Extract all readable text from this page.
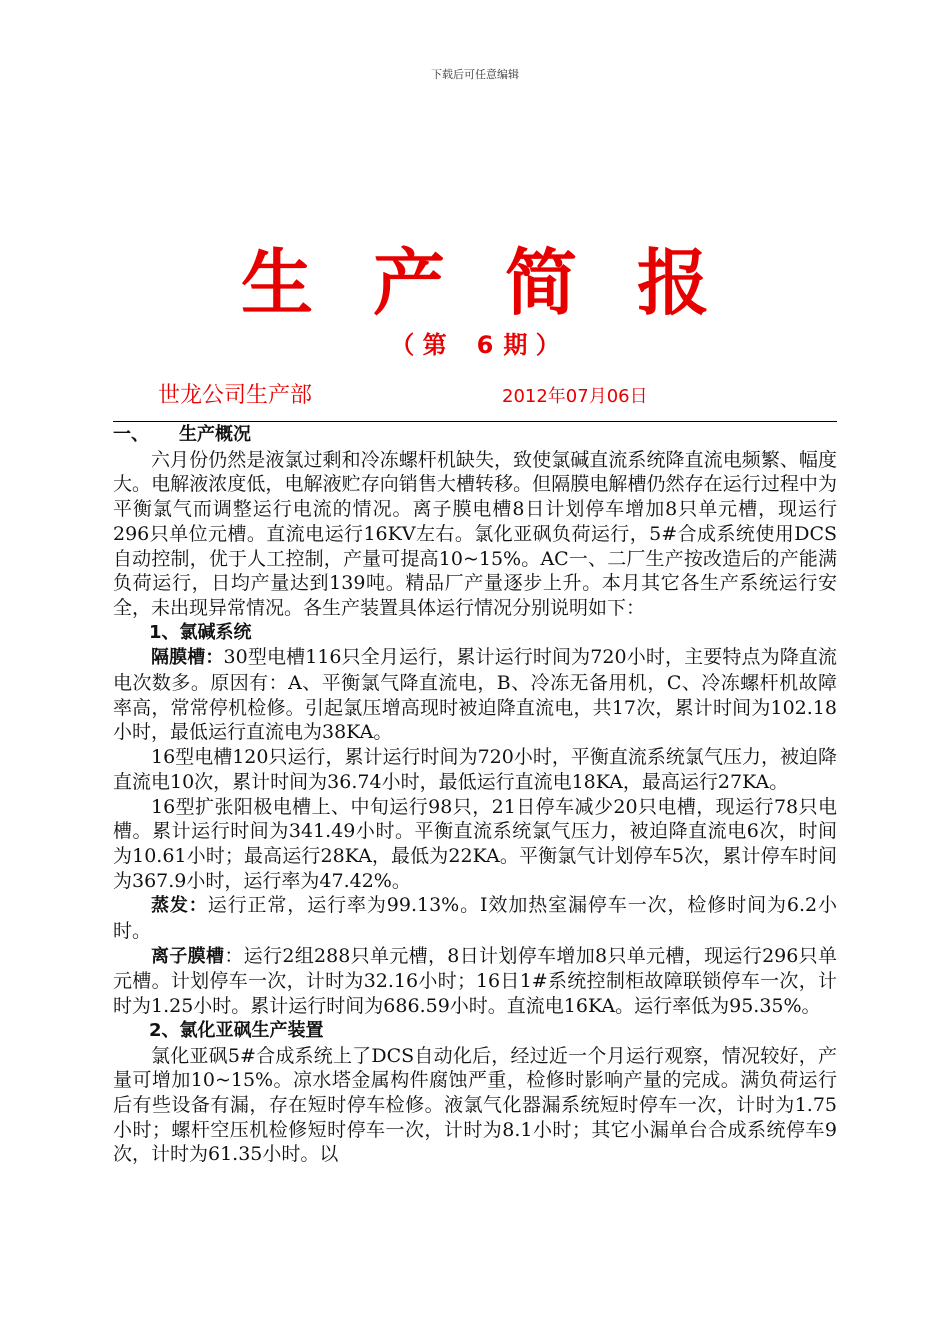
下载后可任意编辑
生产简报
（ 第 6 期 ）
世龙公司生产部	2012年07月06日

一、 生产概况

六月份仍然是液氯过剩和冷冻螺杆机缺失，致使氯碱直流系统降直流电频繁、幅度大。电解液浓度低，电解液贮存向销售大槽转移。但隔膜电解槽仍然存在运行过程中为平衡氯气而调整运行电流的情况。离子膜电槽8日计划停车增加8只单元槽，现运行296只单位元槽。直流电运行16KV左右。氯化亚砜负荷运行，5#合成系统使用DCS自动控制，优于人工控制，产量可提高10~15%。AC一、二厂生产按改造后的产能满负荷运行，日均产量达到139吨。精品厂产量逐步上升。本月其它各生产系统运行安全，未出现异常情况。各生产装置具体运行情况分别说明如下：

1、氯碱系统

隔膜槽：30型电槽116只全月运行，累计运行时间为720小时，主要特点为降直流电次数多。原因有：A、平衡氯气降直流电，B、冷冻无备用机，C、冷冻螺杆机故障率高，常常停机检修。引起氯压增高现时被迫降直流电，共17次，累计时间为102.18小时，最低运行直流电为38KA。

16型电槽120只运行，累计运行时间为720小时，平衡直流系统氯气压力，被迫降直流电10次，累计时间为36.74小时，最低运行直流电18KA，最高运行27KA。

16型扩张阳极电槽上、中旬运行98只，21日停车减少20只电槽，现运行78只电槽。累计运行时间为341.49小时。平衡直流系统氯气压力，被迫降直流电6次，时间为10.61小时；最高运行28KA，最低为22KA。平衡氯气计划停车5次，累计停车时间为367.9小时，运行率为47.42%。

蒸发：运行正常，运行率为99.13%。Ⅰ效加热室漏停车一次，检修时间为6.2小时。

离子膜槽：运行2组288只单元槽，8日计划停车增加8只单元槽，现运行296只单元槽。计划停车一次，计时为32.16小时；16日1#系统控制柜故障联锁停车一次，计时为1.25小时。累计运行时间为686.59小时。直流电16KA。运行率低为95.35%。

2、氯化亚砜生产装置

氯化亚砜5#合成系统上了DCS自动化后，经过近一个月运行观察，情况较好，产量可增加10~15%。凉水塔金属构件腐蚀严重，检修时影响产量的完成。满负荷运行后有些设备有漏，存在短时停车检修。液氯气化器漏系统短时停车一次，计时为1.75小时；螺杆空压机检修短时停车一次，计时为8.1小时；其它小漏单台合成系统停车9次，计时为61.35小时。以
